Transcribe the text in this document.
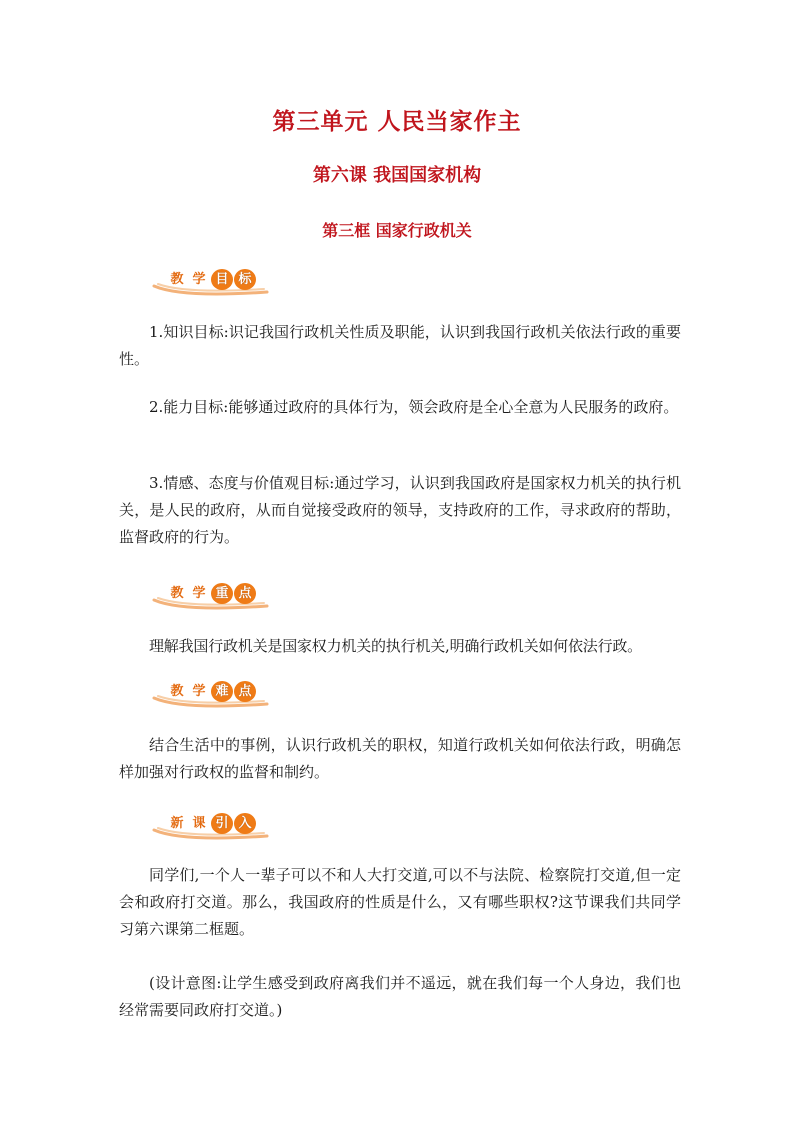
第三单元 人民当家作主
第六课 我国国家机构
第三框 国家行政机关
教 学 目 标

1.知识目标:识记我国行政机关性质及职能，认识到我国行政机关依法行政的重要性。

2.能力目标:能够通过政府的具体行为，领会政府是全心全意为人民服务的政府。

3.情感、态度与价值观目标:通过学习，认识到我国政府是国家权力机关的执行机关，是人民的政府，从而自觉接受政府的领导，支持政府的工作，寻求政府的帮助，监督政府的行为。

教 学 重 点

理解我国行政机关是国家权力机关的执行机关,明确行政机关如何依法行政。

教 学 难 点

结合生活中的事例，认识行政机关的职权，知道行政机关如何依法行政，明确怎样加强对行政权的监督和制约。

新 课 引 入

同学们,一个人一辈子可以不和人大打交道,可以不与法院、检察院打交道,但一定会和政府打交道。那么，我国政府的性质是什么，又有哪些职权?这节课我们共同学习第六课第二框题。

(设计意图:让学生感受到政府离我们并不遥远，就在我们每一个人身边，我们也经常需要同政府打交道。)
